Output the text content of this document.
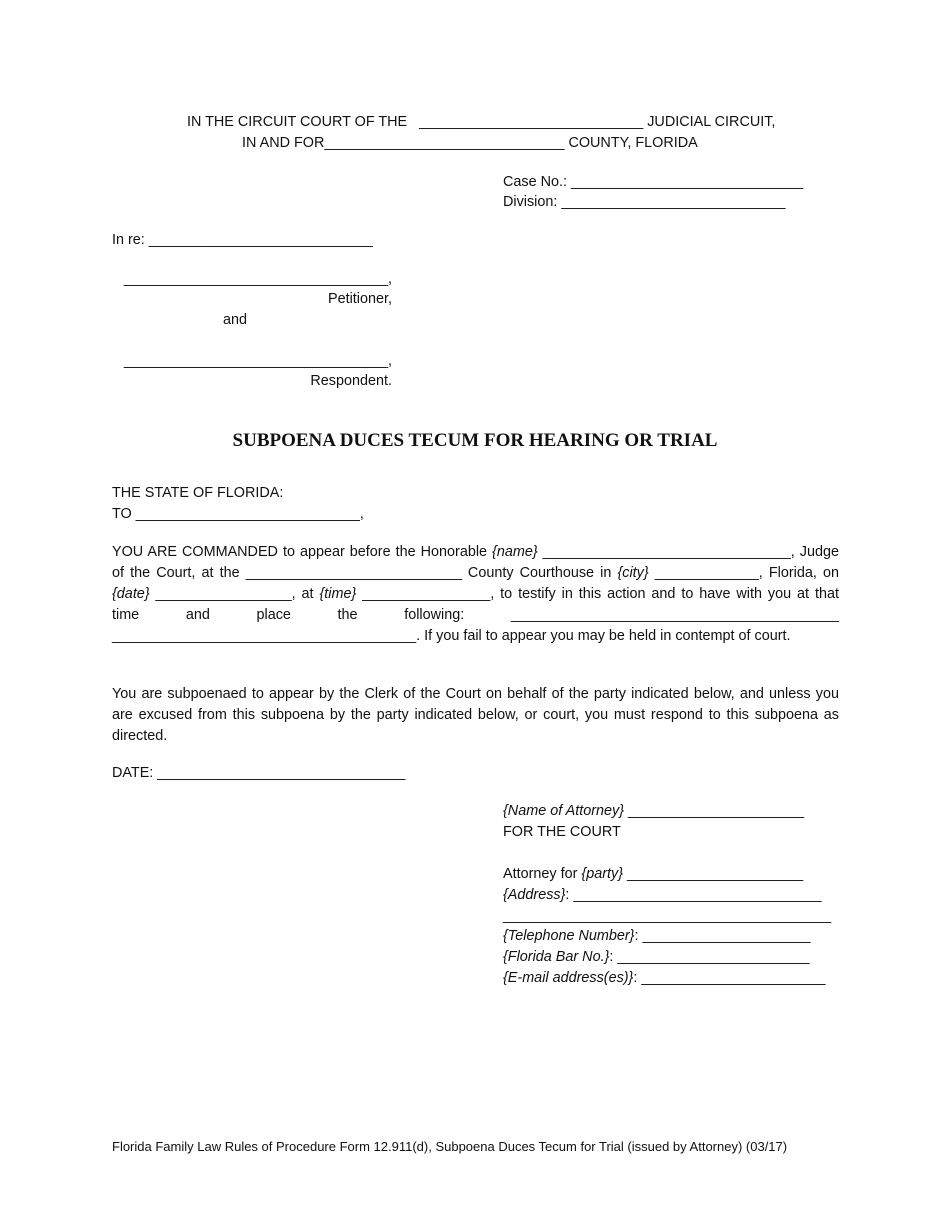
IN THE CIRCUIT COURT OF THE   ____________________________ JUDICIAL CIRCUIT,
IN AND FOR______________________________ COUNTY, FLORIDA
Case No.: _____________________________
Division: ____________________________
In re: ____________________________
_________________________________,
Petitioner,
and
_________________________________,
Respondent.
SUBPOENA DUCES TECUM FOR HEARING OR TRIAL
THE STATE OF FLORIDA:
TO ____________________________,
YOU ARE COMMANDED to appear before the Honorable {name} _______________________________, Judge of the Court, at the ___________________________ County Courthouse in {city} _____________, Florida, on {date} _________________, at {time} ________________, to testify in this action and to have with you at that time and place the following: _________________________________________ ______________________________________. If you fail to appear you may be held in contempt of court.
You are subpoenaed to appear by the Clerk of the Court on behalf of the party indicated below, and unless you are excused from this subpoena by the party indicated below, or court, you must respond to this subpoena as directed.
DATE: _______________________________
{Name of Attorney} ______________________
FOR THE COURT
Attorney for {party} ______________________
{Address}: _______________________________
_________________________________________
{Telephone Number}: _____________________
{Florida Bar No.}: ________________________
{E-mail address(es)}: _______________________
Florida Family Law Rules of Procedure Form 12.911(d), Subpoena Duces Tecum for Trial (issued by Attorney) (03/17)
